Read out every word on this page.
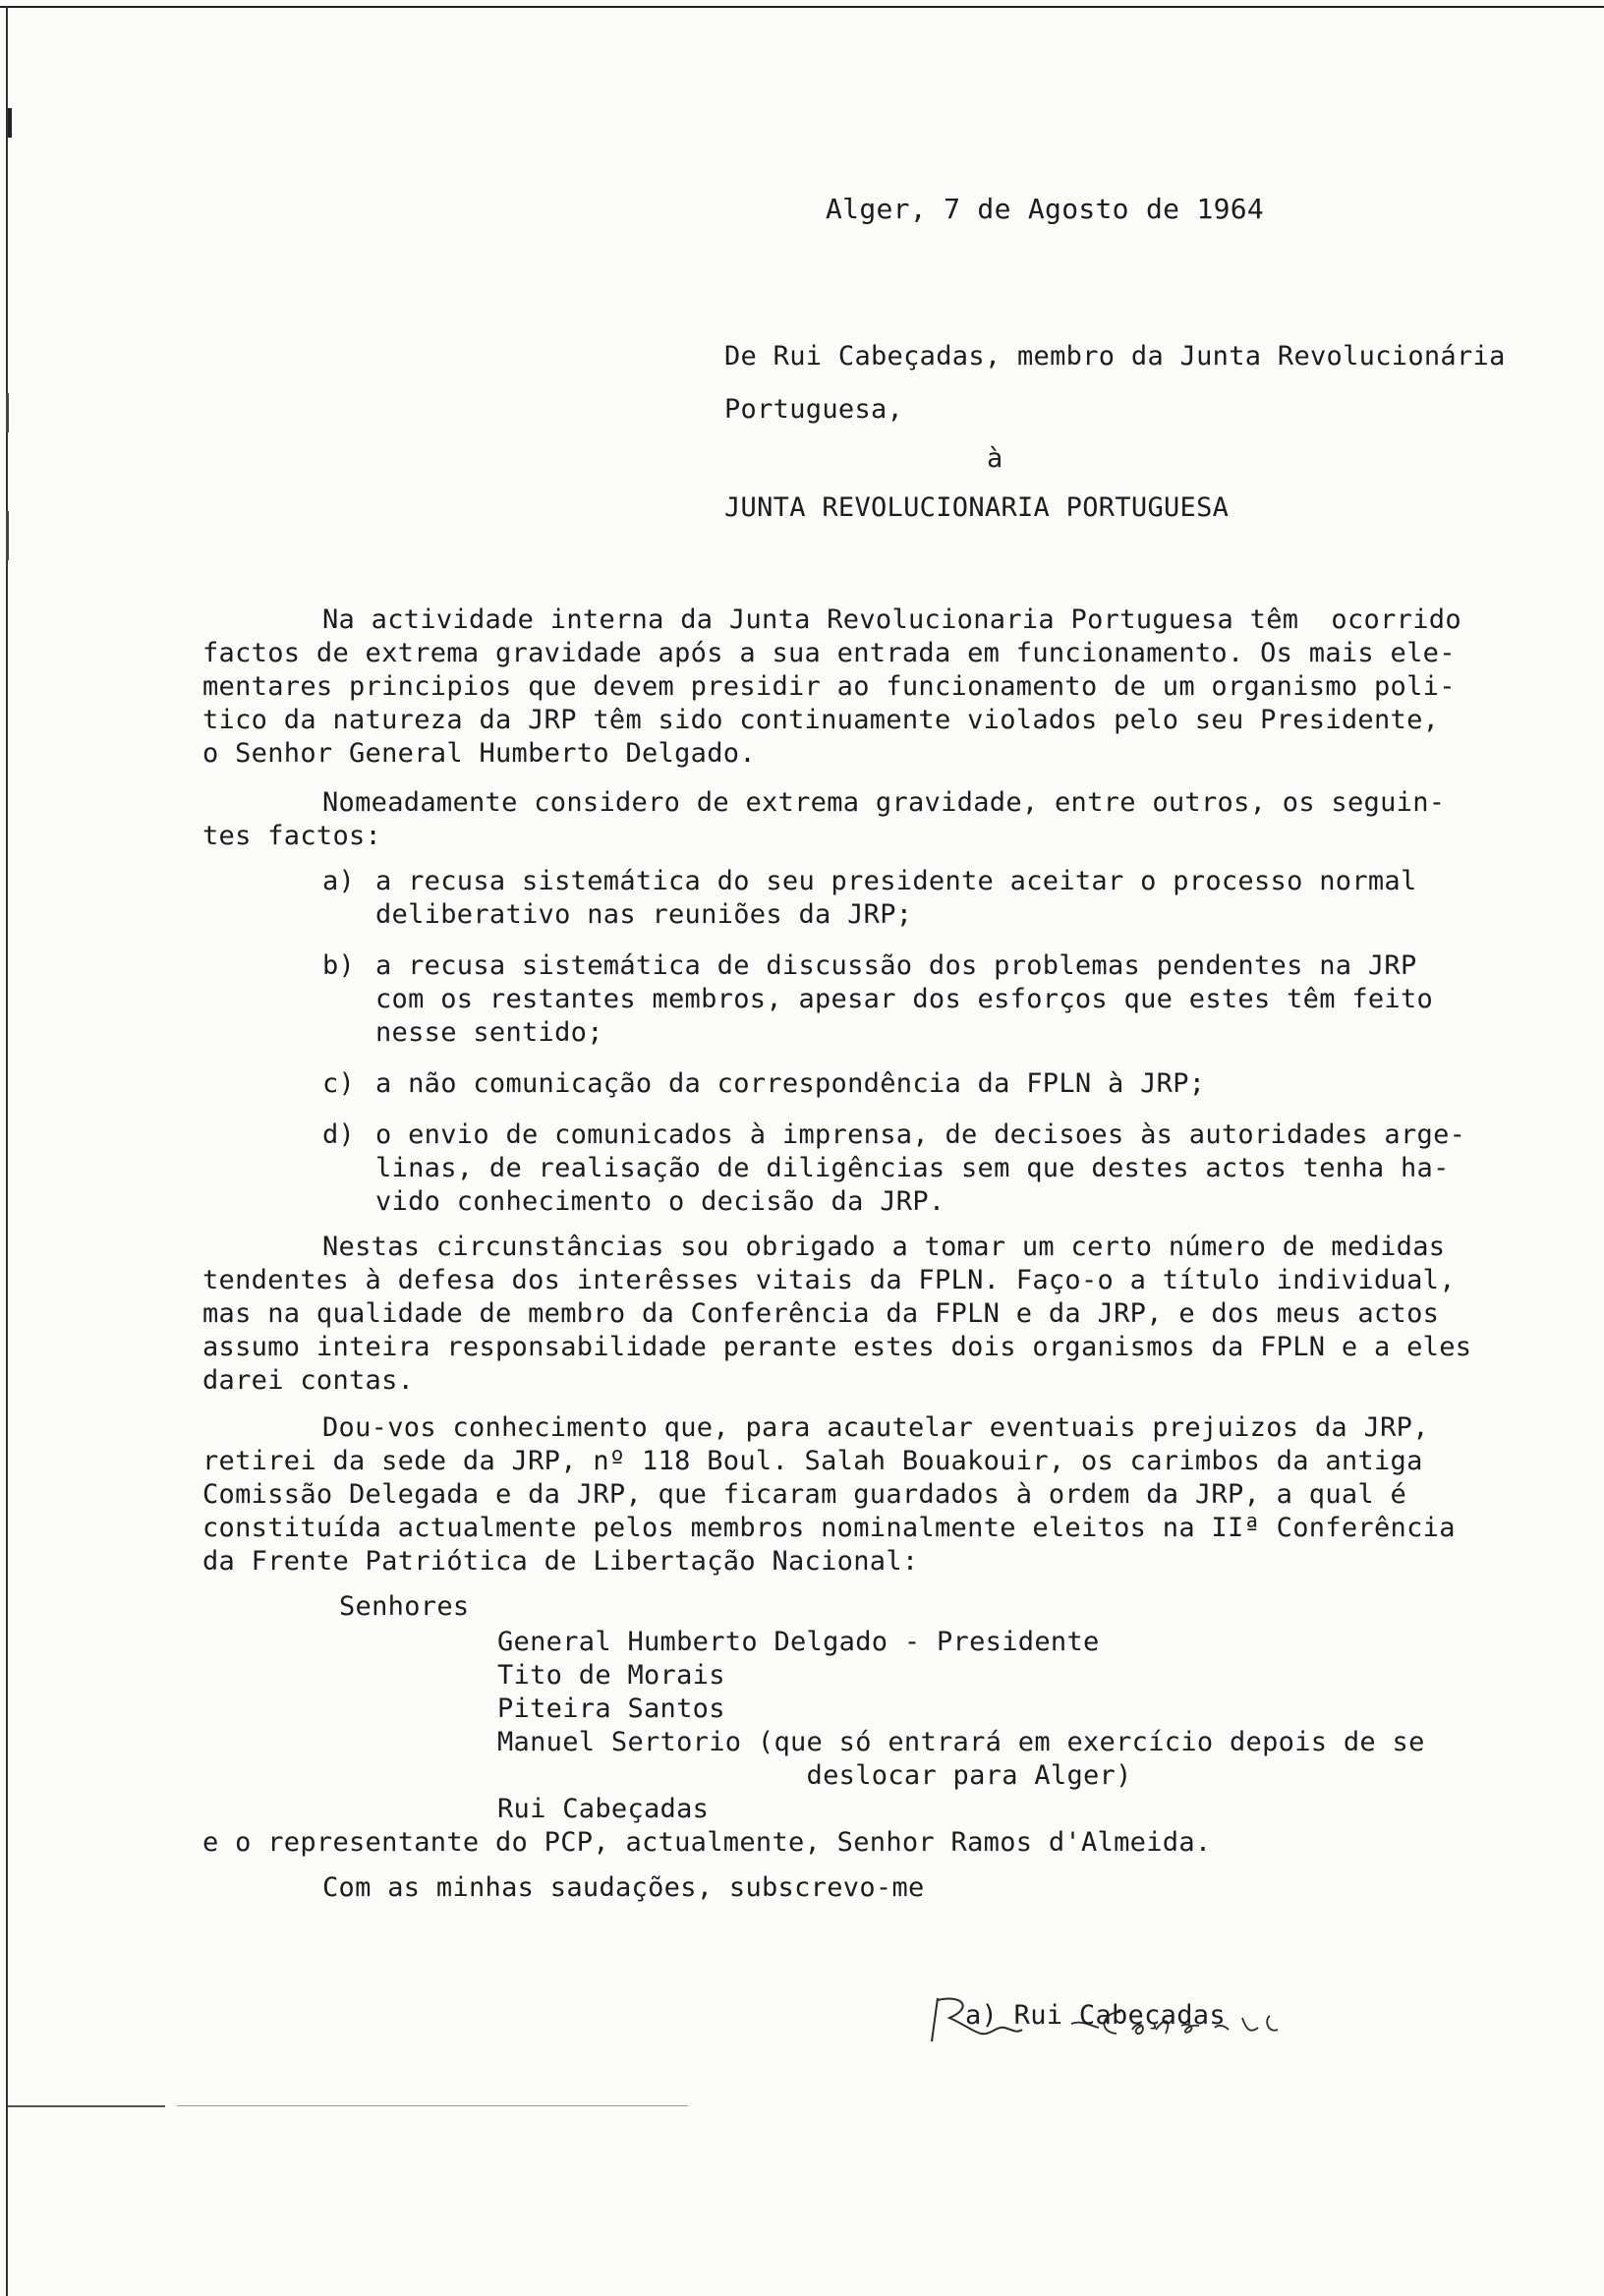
Alger, 7 de Agosto de 1964
De Rui Cabeçadas, membro da Junta Revolucionária
Portuguesa,
à
JUNTA REVOLUCIONARIA PORTUGUESA
Na actividade interna da Junta Revolucionaria Portuguesa têm  ocorrido
factos de extrema gravidade após a sua entrada em funcionamento. Os mais ele-
mentares principios que devem presidir ao funcionamento de um organismo poli-
tico da natureza da JRP têm sido continuamente violados pelo seu Presidente,
o Senhor General Humberto Delgado.
Nomeadamente considero de extrema gravidade, entre outros, os seguin-
tes factos:
a) a recusa sistemática do seu presidente aceitar o processo normal
deliberativo nas reuniões da JRP;
b) a recusa sistemática de discussão dos problemas pendentes na JRP
com os restantes membros, apesar dos esforços que estes têm feito
nesse sentido;
c) a não comunicação da correspondência da FPLN à JRP;
d) o envio de comunicados à imprensa, de decisoes às autoridades arge-
linas, de realisação de diligências sem que destes actos tenha ha-
vido conhecimento o decisão da JRP.
Nestas circunstâncias sou obrigado a tomar um certo número de medidas
tendentes à defesa dos interêsses vitais da FPLN. Faço-o a título individual,
mas na qualidade de membro da Conferência da FPLN e da JRP, e dos meus actos
assumo inteira responsabilidade perante estes dois organismos da FPLN e a eles
darei contas.
Dou-vos conhecimento que, para acautelar eventuais prejuizos da JRP,
retirei da sede da JRP, nº 118 Boul. Salah Bouakouir, os carimbos da antiga
Comissão Delegada e da JRP, que ficaram guardados à ordem da JRP, a qual é
constituída actualmente pelos membros nominalmente eleitos na IIª Conferência
da Frente Patriótica de Libertação Nacional:
Senhores
General Humberto Delgado - Presidente
Tito de Morais
Piteira Santos
Manuel Sertorio (que só entrará em exercício depois de se
deslocar para Alger)
Rui Cabeçadas
e o representante do PCP, actualmente, Senhor Ramos d'Almeida.
Com as minhas saudações, subscrevo-me
a) Rui Cabeçadas
